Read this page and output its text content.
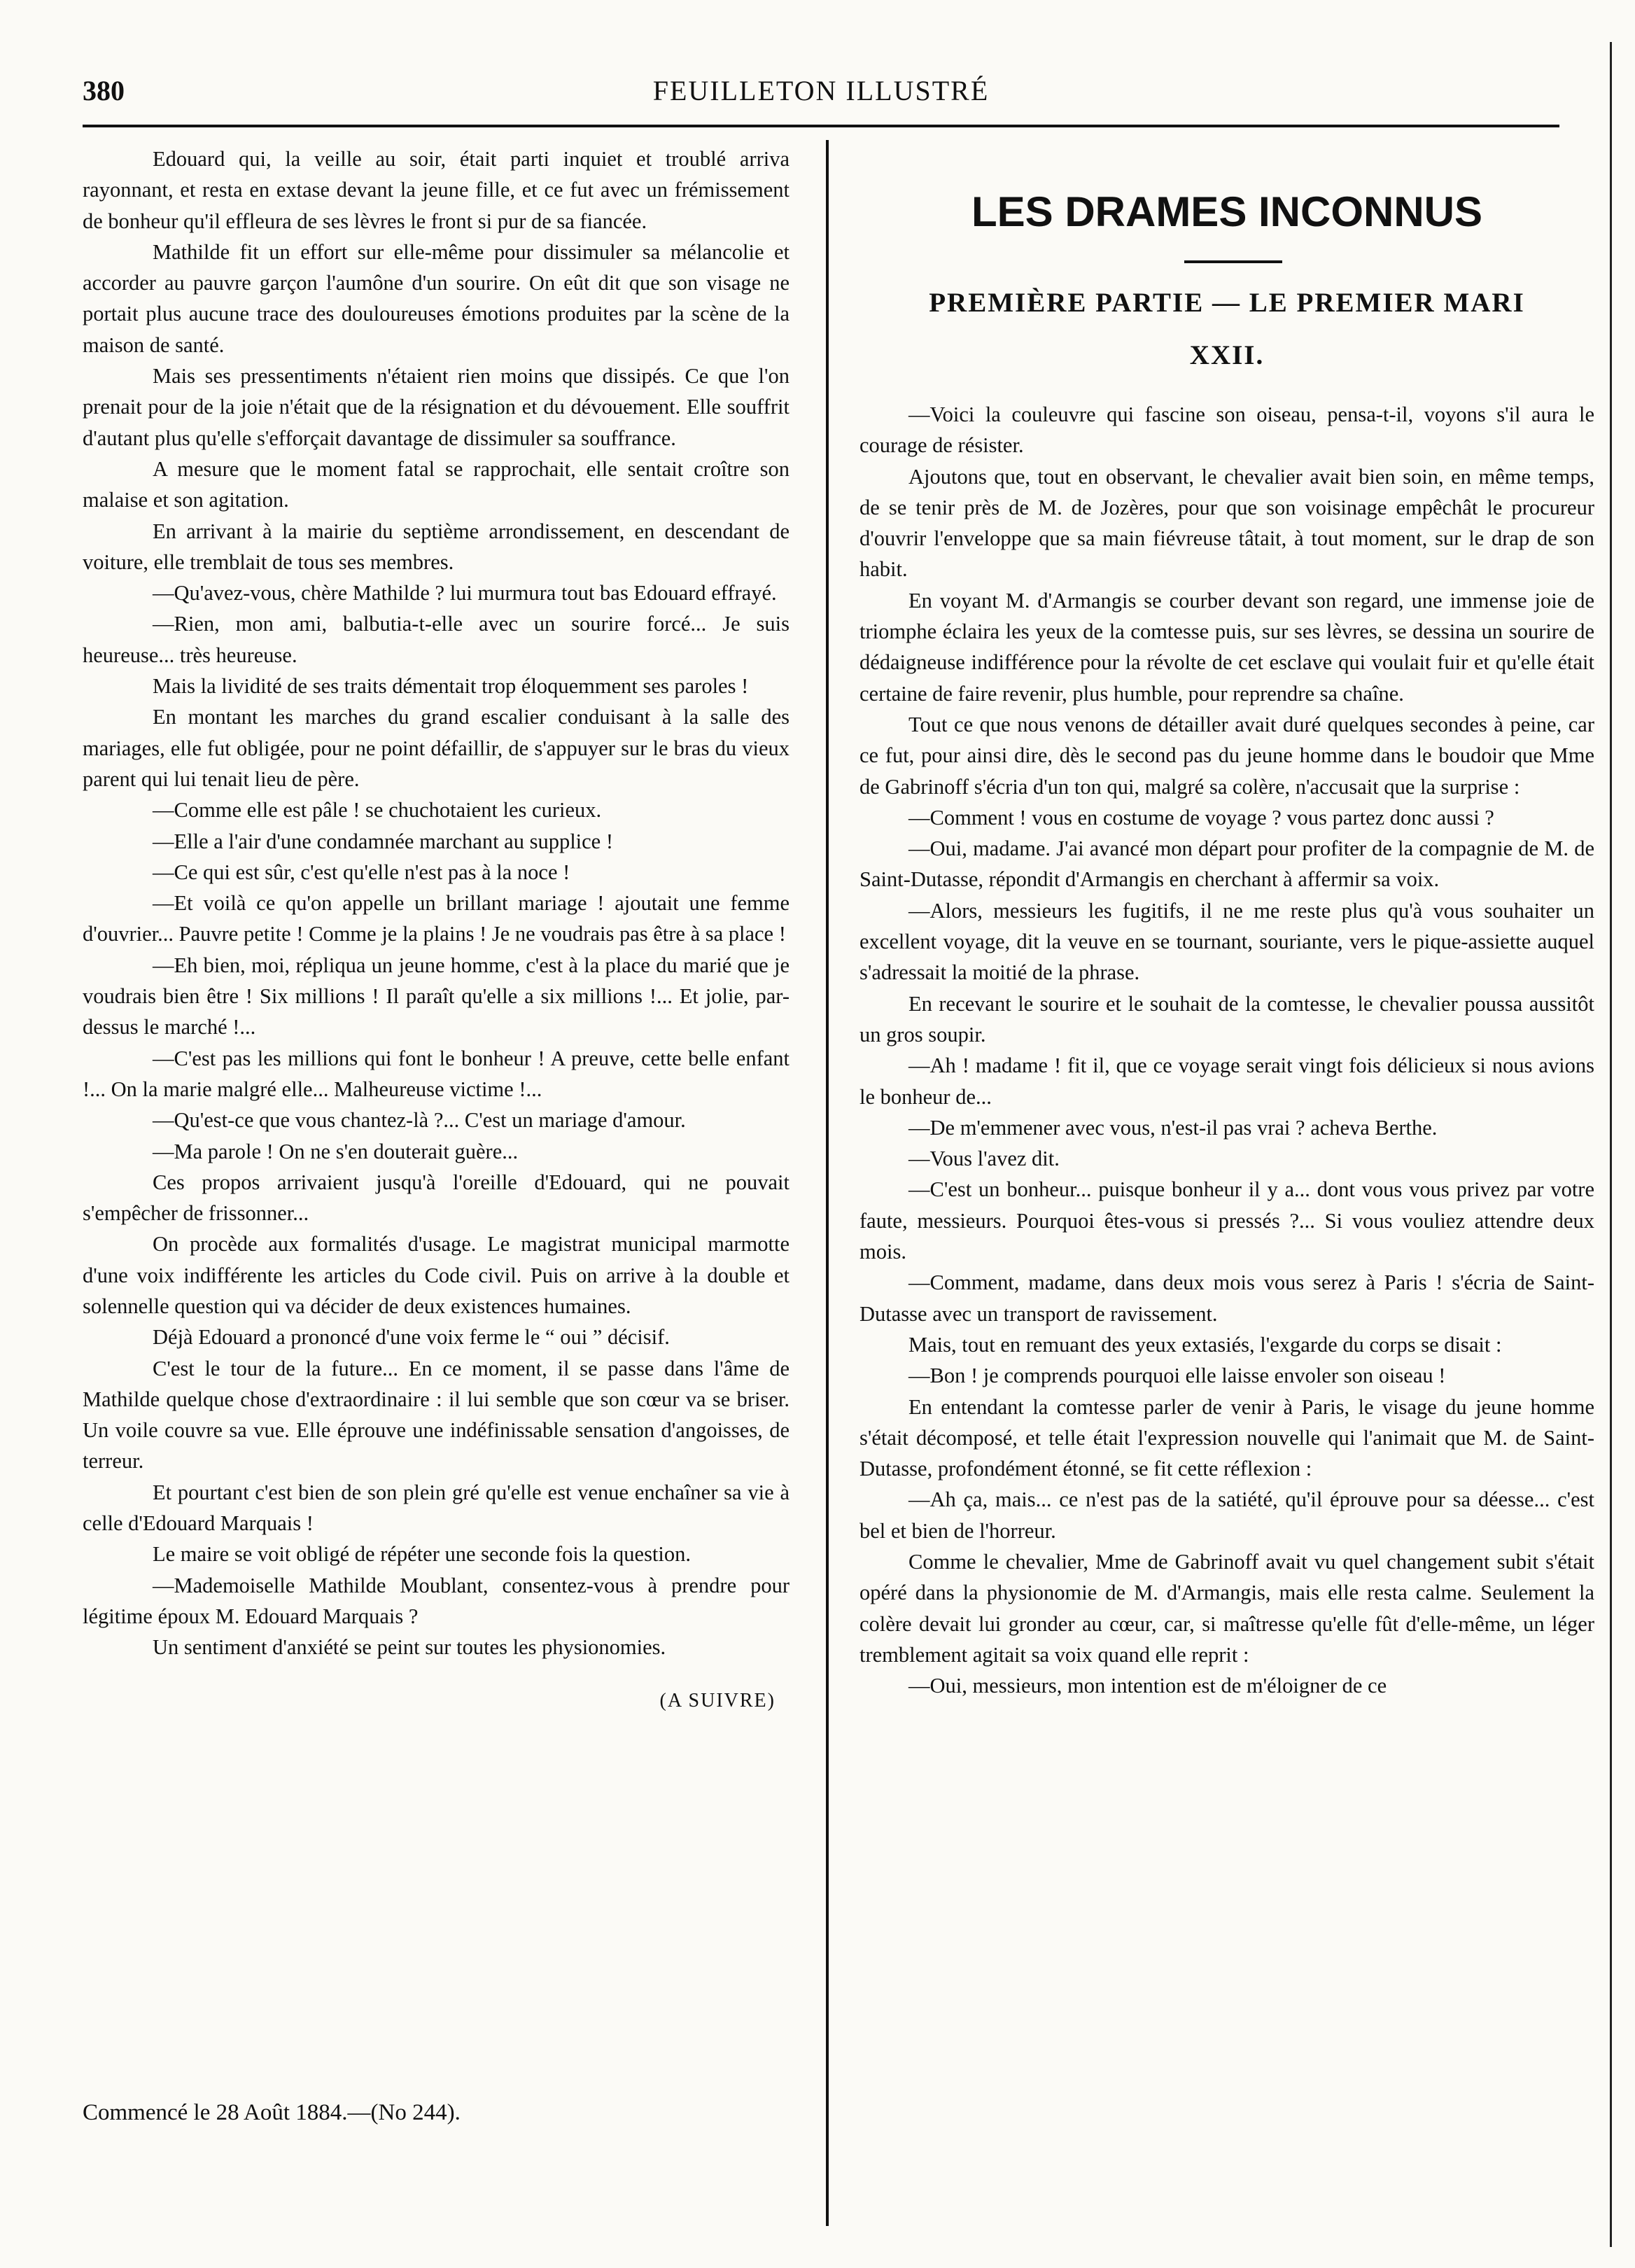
380	FEUILLETON ILLUSTRÉ

Edouard qui, la veille au soir, était parti inquiet et troublé arriva rayonnant, et resta en extase devant la jeune fille, et ce fut avec un frémissement de bonheur qu'il effleura de ses lèvres le front si pur de sa fiancée.

Mathilde fit un effort sur elle-même pour dissimuler sa mélancolie et accorder au pauvre garçon l'aumône d'un sourire. On eût dit que son visage ne portait plus aucune trace des douloureuses émotions produites par la scène de la maison de santé.

Mais ses pressentiments n'étaient rien moins que dissipés. Ce que l'on prenait pour de la joie n'était que de la résignation et du dévouement. Elle souffrit d'autant plus qu'elle s'efforçait davantage de dissimuler sa souffrance.

A mesure que le moment fatal se rapprochait, elle sentait croître son malaise et son agitation.

En arrivant à la mairie du septième arrondissement, en descendant de voiture, elle tremblait de tous ses membres.

—Qu'avez-vous, chère Mathilde ? lui murmura tout bas Edouard effrayé.

—Rien, mon ami, balbutia-t-elle avec un sourire forcé... Je suis heureuse... très heureuse.

Mais la lividité de ses traits démentait trop éloquemment ses paroles !

En montant les marches du grand escalier conduisant à la salle des mariages, elle fut obligée, pour ne point défaillir, de s'appuyer sur le bras du vieux parent qui lui tenait lieu de père.

—Comme elle est pâle ! se chuchotaient les curieux.

—Elle a l'air d'une condamnée marchant au supplice !

—Ce qui est sûr, c'est qu'elle n'est pas à la noce !

—Et voilà ce qu'on appelle un brillant mariage ! ajoutait une femme d'ouvrier... Pauvre petite ! Comme je la plains ! Je ne voudrais pas être à sa place !

—Eh bien, moi, répliqua un jeune homme, c'est à la place du marié que je voudrais bien être ! Six millions ! Il paraît qu'elle a six millions !... Et jolie, par-dessus le marché !...

—C'est pas les millions qui font le bonheur ! A preuve, cette belle enfant !... On la marie malgré elle... Malheureuse victime !...

—Qu'est-ce que vous chantez-là ?... C'est un mariage d'amour.

—Ma parole ! On ne s'en douterait guère...

Ces propos arrivaient jusqu'à l'oreille d'Edouard, qui ne pouvait s'empêcher de frissonner...

On procède aux formalités d'usage. Le magistrat municipal marmotte d'une voix indifférente les articles du Code civil. Puis on arrive à la double et solennelle question qui va décider de deux existences humaines.

Déjà Edouard a prononcé d'une voix ferme le “ oui ” décisif.

C'est le tour de la future... En ce moment, il se passe dans l'âme de Mathilde quelque chose d'extraordinaire : il lui semble que son cœur va se briser. Un voile couvre sa vue. Elle éprouve une indéfinissable sensation d'angoisses, de terreur.

Et pourtant c'est bien de son plein gré qu'elle est venue enchaîner sa vie à celle d'Edouard Marquais !

Le maire se voit obligé de répéter une seconde fois la question.

—Mademoiselle Mathilde Moublant, consentez-vous à prendre pour légitime époux M. Edouard Marquais ?

Un sentiment d'anxiété se peint sur toutes les physionomies.

(A SUIVRE)
Commencé le 28 Août 1884.—(No 244).
LES DRAMES INCONNUS
PREMIÈRE PARTIE — LE PREMIER MARI
XXII.

—Voici la couleuvre qui fascine son oiseau, pensa-t-il, voyons s'il aura le courage de résister.

Ajoutons que, tout en observant, le chevalier avait bien soin, en même temps, de se tenir près de M. de Jozères, pour que son voisinage empêchât le procureur d'ouvrir l'enveloppe que sa main fiévreuse tâtait, à tout moment, sur le drap de son habit.

En voyant M. d'Armangis se courber devant son regard, une immense joie de triomphe éclaira les yeux de la comtesse puis, sur ses lèvres, se dessina un sourire de dédaigneuse indifférence pour la révolte de cet esclave qui voulait fuir et qu'elle était certaine de faire revenir, plus humble, pour reprendre sa chaîne.

Tout ce que nous venons de détailler avait duré quelques secondes à peine, car ce fut, pour ainsi dire, dès le second pas du jeune homme dans le boudoir que Mme de Gabrinoff s'écria d'un ton qui, malgré sa colère, n'accusait que la surprise :

—Comment ! vous en costume de voyage ? vous partez donc aussi ?

—Oui, madame. J'ai avancé mon départ pour profiter de la compagnie de M. de Saint-Dutasse, répondit d'Armangis en cherchant à affermir sa voix.

—Alors, messieurs les fugitifs, il ne me reste plus qu'à vous souhaiter un excellent voyage, dit la veuve en se tournant, souriante, vers le pique-assiette auquel s'adressait la moitié de la phrase.

En recevant le sourire et le souhait de la comtesse, le chevalier poussa aussitôt un gros soupir.

—Ah ! madame ! fit il, que ce voyage serait vingt fois délicieux si nous avions le bonheur de...

—De m'emmener avec vous, n'est-il pas vrai ? acheva Berthe.

—Vous l'avez dit.

—C'est un bonheur... puisque bonheur il y a... dont vous vous privez par votre faute, messieurs. Pourquoi êtes-vous si pressés ?... Si vous vouliez attendre deux mois.

—Comment, madame, dans deux mois vous serez à Paris ! s'écria de Saint-Dutasse avec un transport de ravissement.

Mais, tout en remuant des yeux extasiés, l'exgarde du corps se disait :

—Bon ! je comprends pourquoi elle laisse envoler son oiseau !

En entendant la comtesse parler de venir à Paris, le visage du jeune homme s'était décomposé, et telle était l'expression nouvelle qui l'animait que M. de Saint-Dutasse, profondément étonné, se fit cette réflexion :

—Ah ça, mais... ce n'est pas de la satiété, qu'il éprouve pour sa déesse... c'est bel et bien de l'horreur.

Comme le chevalier, Mme de Gabrinoff avait vu quel changement subit s'était opéré dans la physionomie de M. d'Armangis, mais elle resta calme. Seulement la colère devait lui gronder au cœur, car, si maîtresse qu'elle fût d'elle-même, un léger tremblement agitait sa voix quand elle reprit :

—Oui, messieurs, mon intention est de m'éloigner de ce
